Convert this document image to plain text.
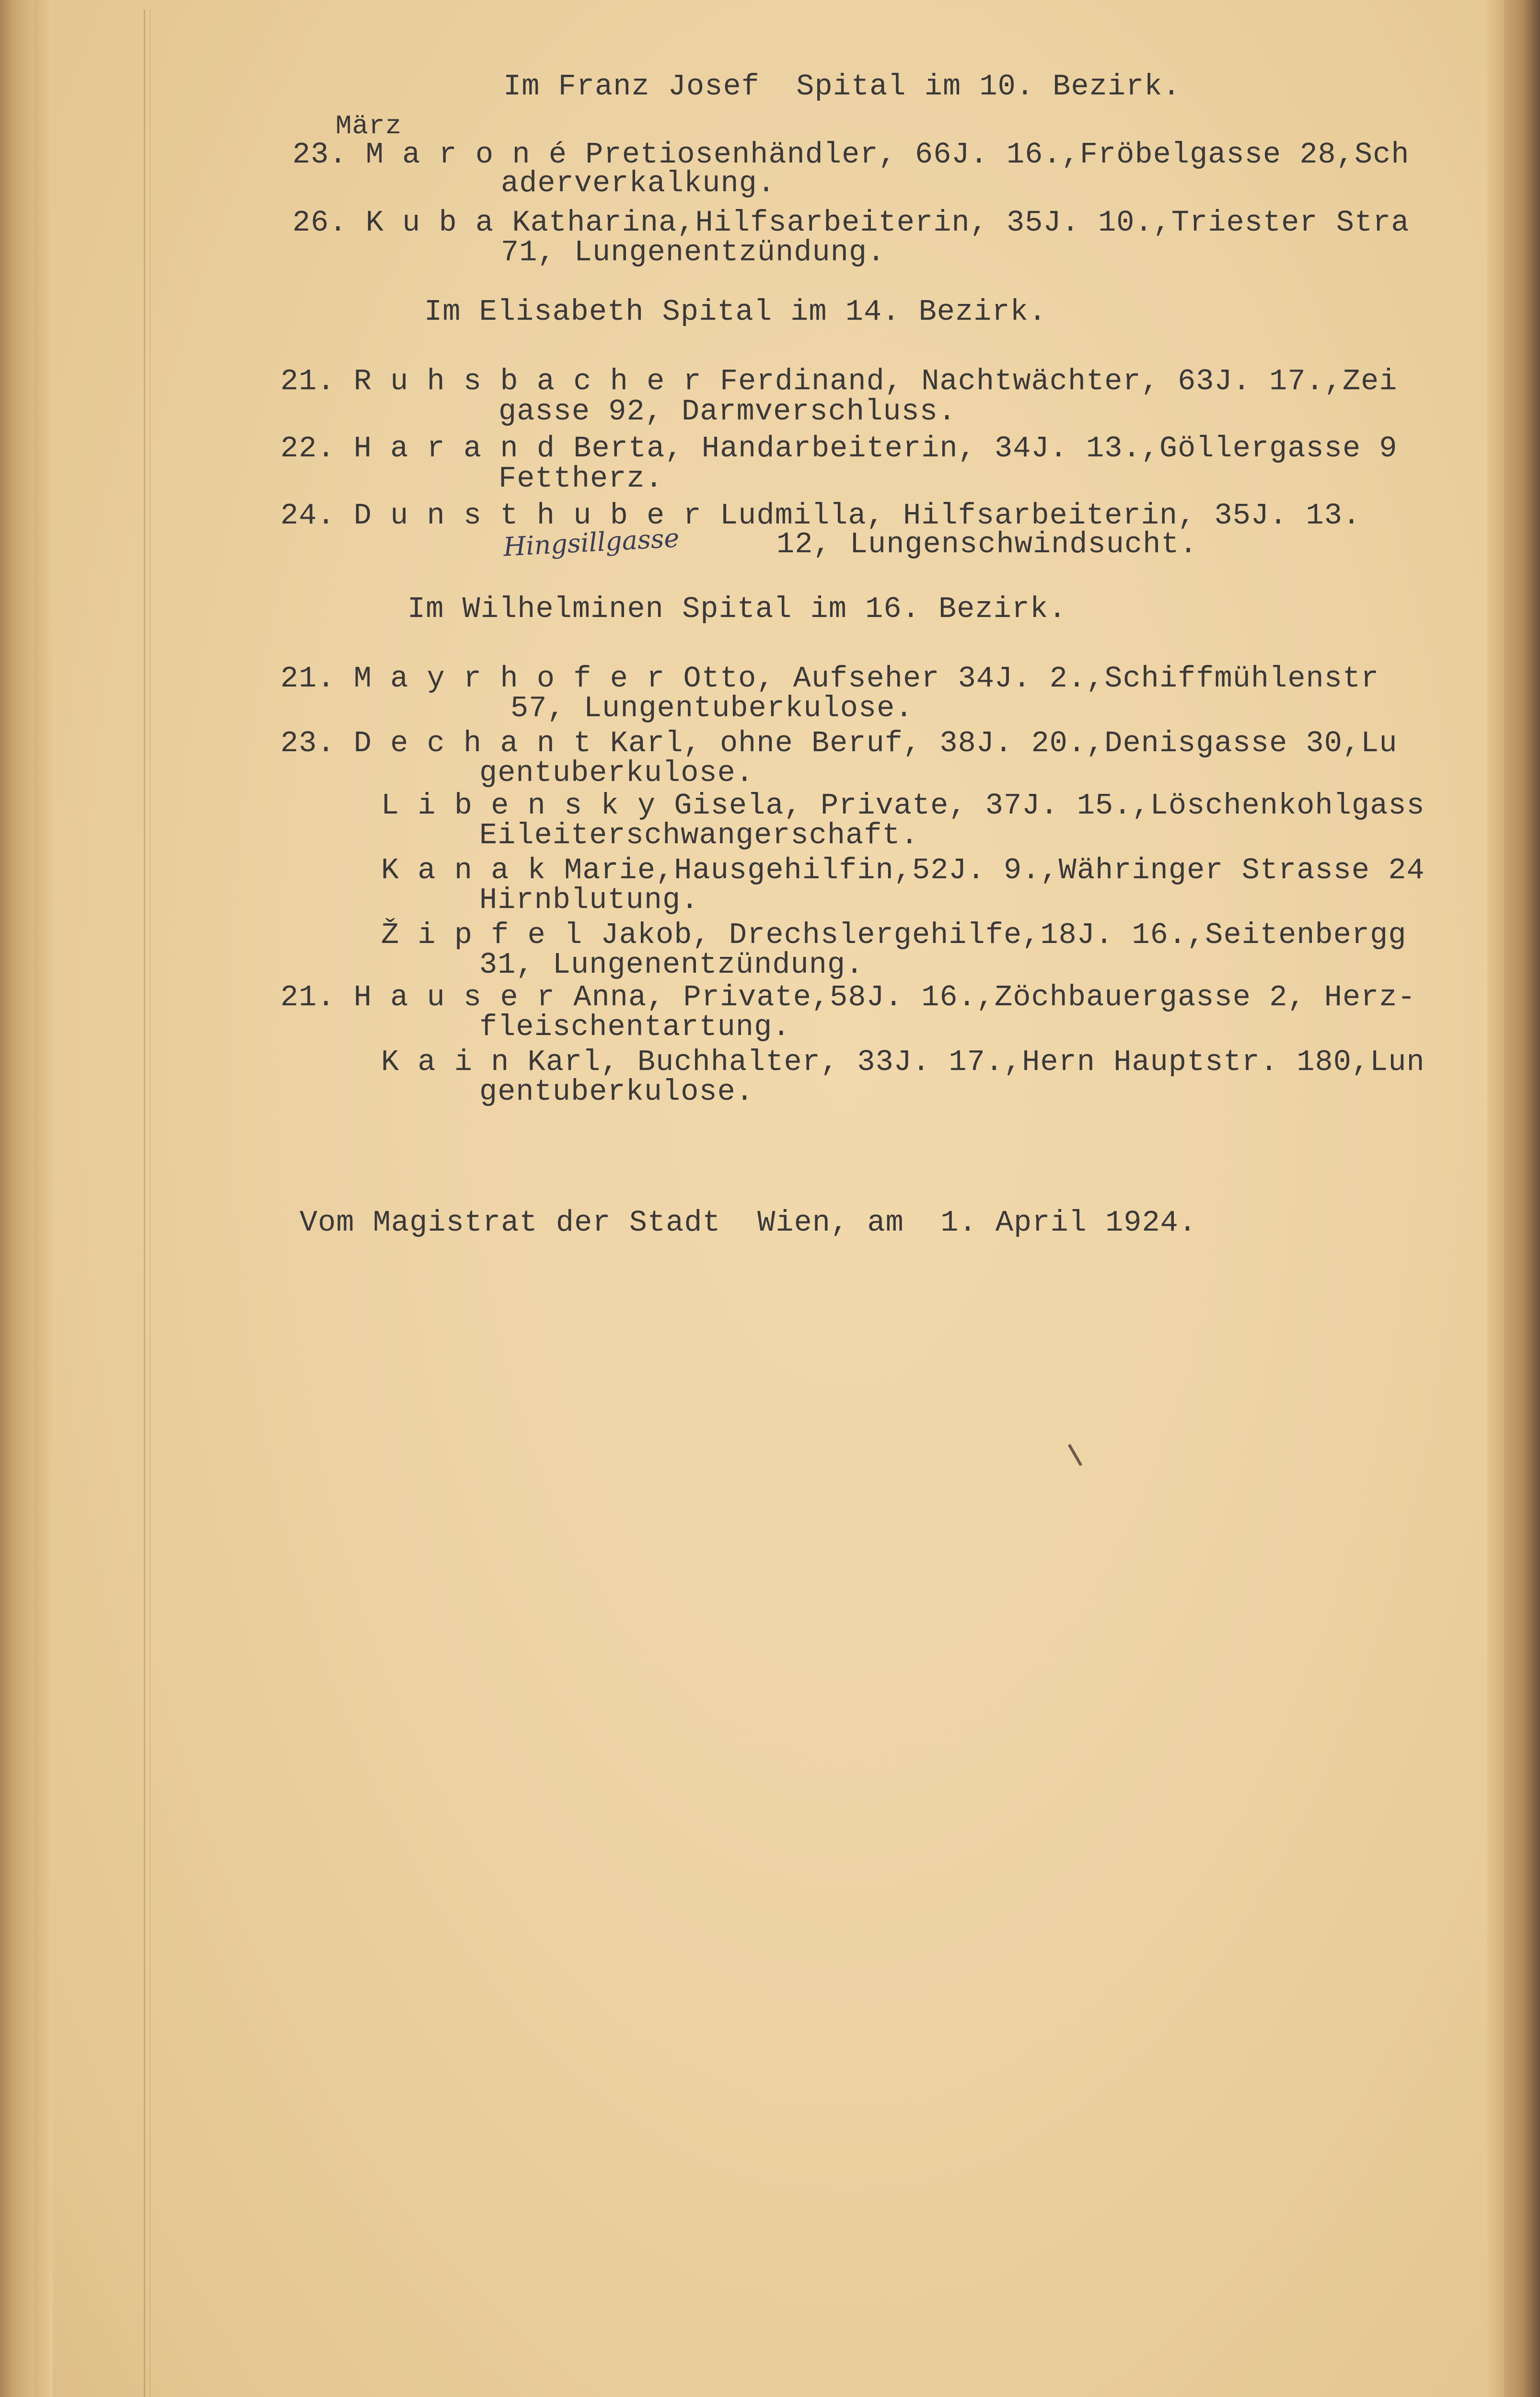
Im Franz Josef  Spital im 10. Bezirk.
März
23. M a r o n é Pretiosenhändler, 66J. 16.,Fröbelgasse 28,Sch
aderverkalkung.
26. K u b a Katharina,Hilfsarbeiterin, 35J. 10.,Triester Stra
71, Lungenentzündung.
Im Elisabeth Spital im 14. Bezirk.
21. R u h s b a c h e r Ferdinand, Nachtwächter, 63J. 17.,Zei
gasse 92, Darmverschluss.
22. H a r a n d Berta, Handarbeiterin, 34J. 13.,Göllergasse 9
Fettherz.
24. D u n s t h u b e r Ludmilla, Hilfsarbeiterin, 35J. 13.
Hingsillgasse	12, Lungenschwindsucht.
Im Wilhelminen Spital im 16. Bezirk.
21. M a y r h o f e r Otto, Aufseher 34J. 2.,Schiffmühlenstr
57, Lungentuberkulose.
23. D e c h a n t Karl, ohne Beruf, 38J. 20.,Denisgasse 30,Lu
gentuberkulose.
L i b e n s k y Gisela, Private, 37J. 15.,Löschenkohlgass
Eileiterschwangerschaft.
K a n a k Marie,Hausgehilfin,52J. 9.,Währinger Strasse 24
Hirnblutung.
Ž i p f e l Jakob, Drechslergehilfe,18J. 16.,Seitenbergg
31, Lungenentzündung.
21. H a u s e r Anna, Private,58J. 16.,Zöchbauergasse 2, Herz-
fleischentartung.
K a i n Karl, Buchhalter, 33J. 17.,Hern Hauptstr. 180,Lun
gentuberkulose.
Vom Magistrat der Stadt  Wien, am  1. April 1924.
